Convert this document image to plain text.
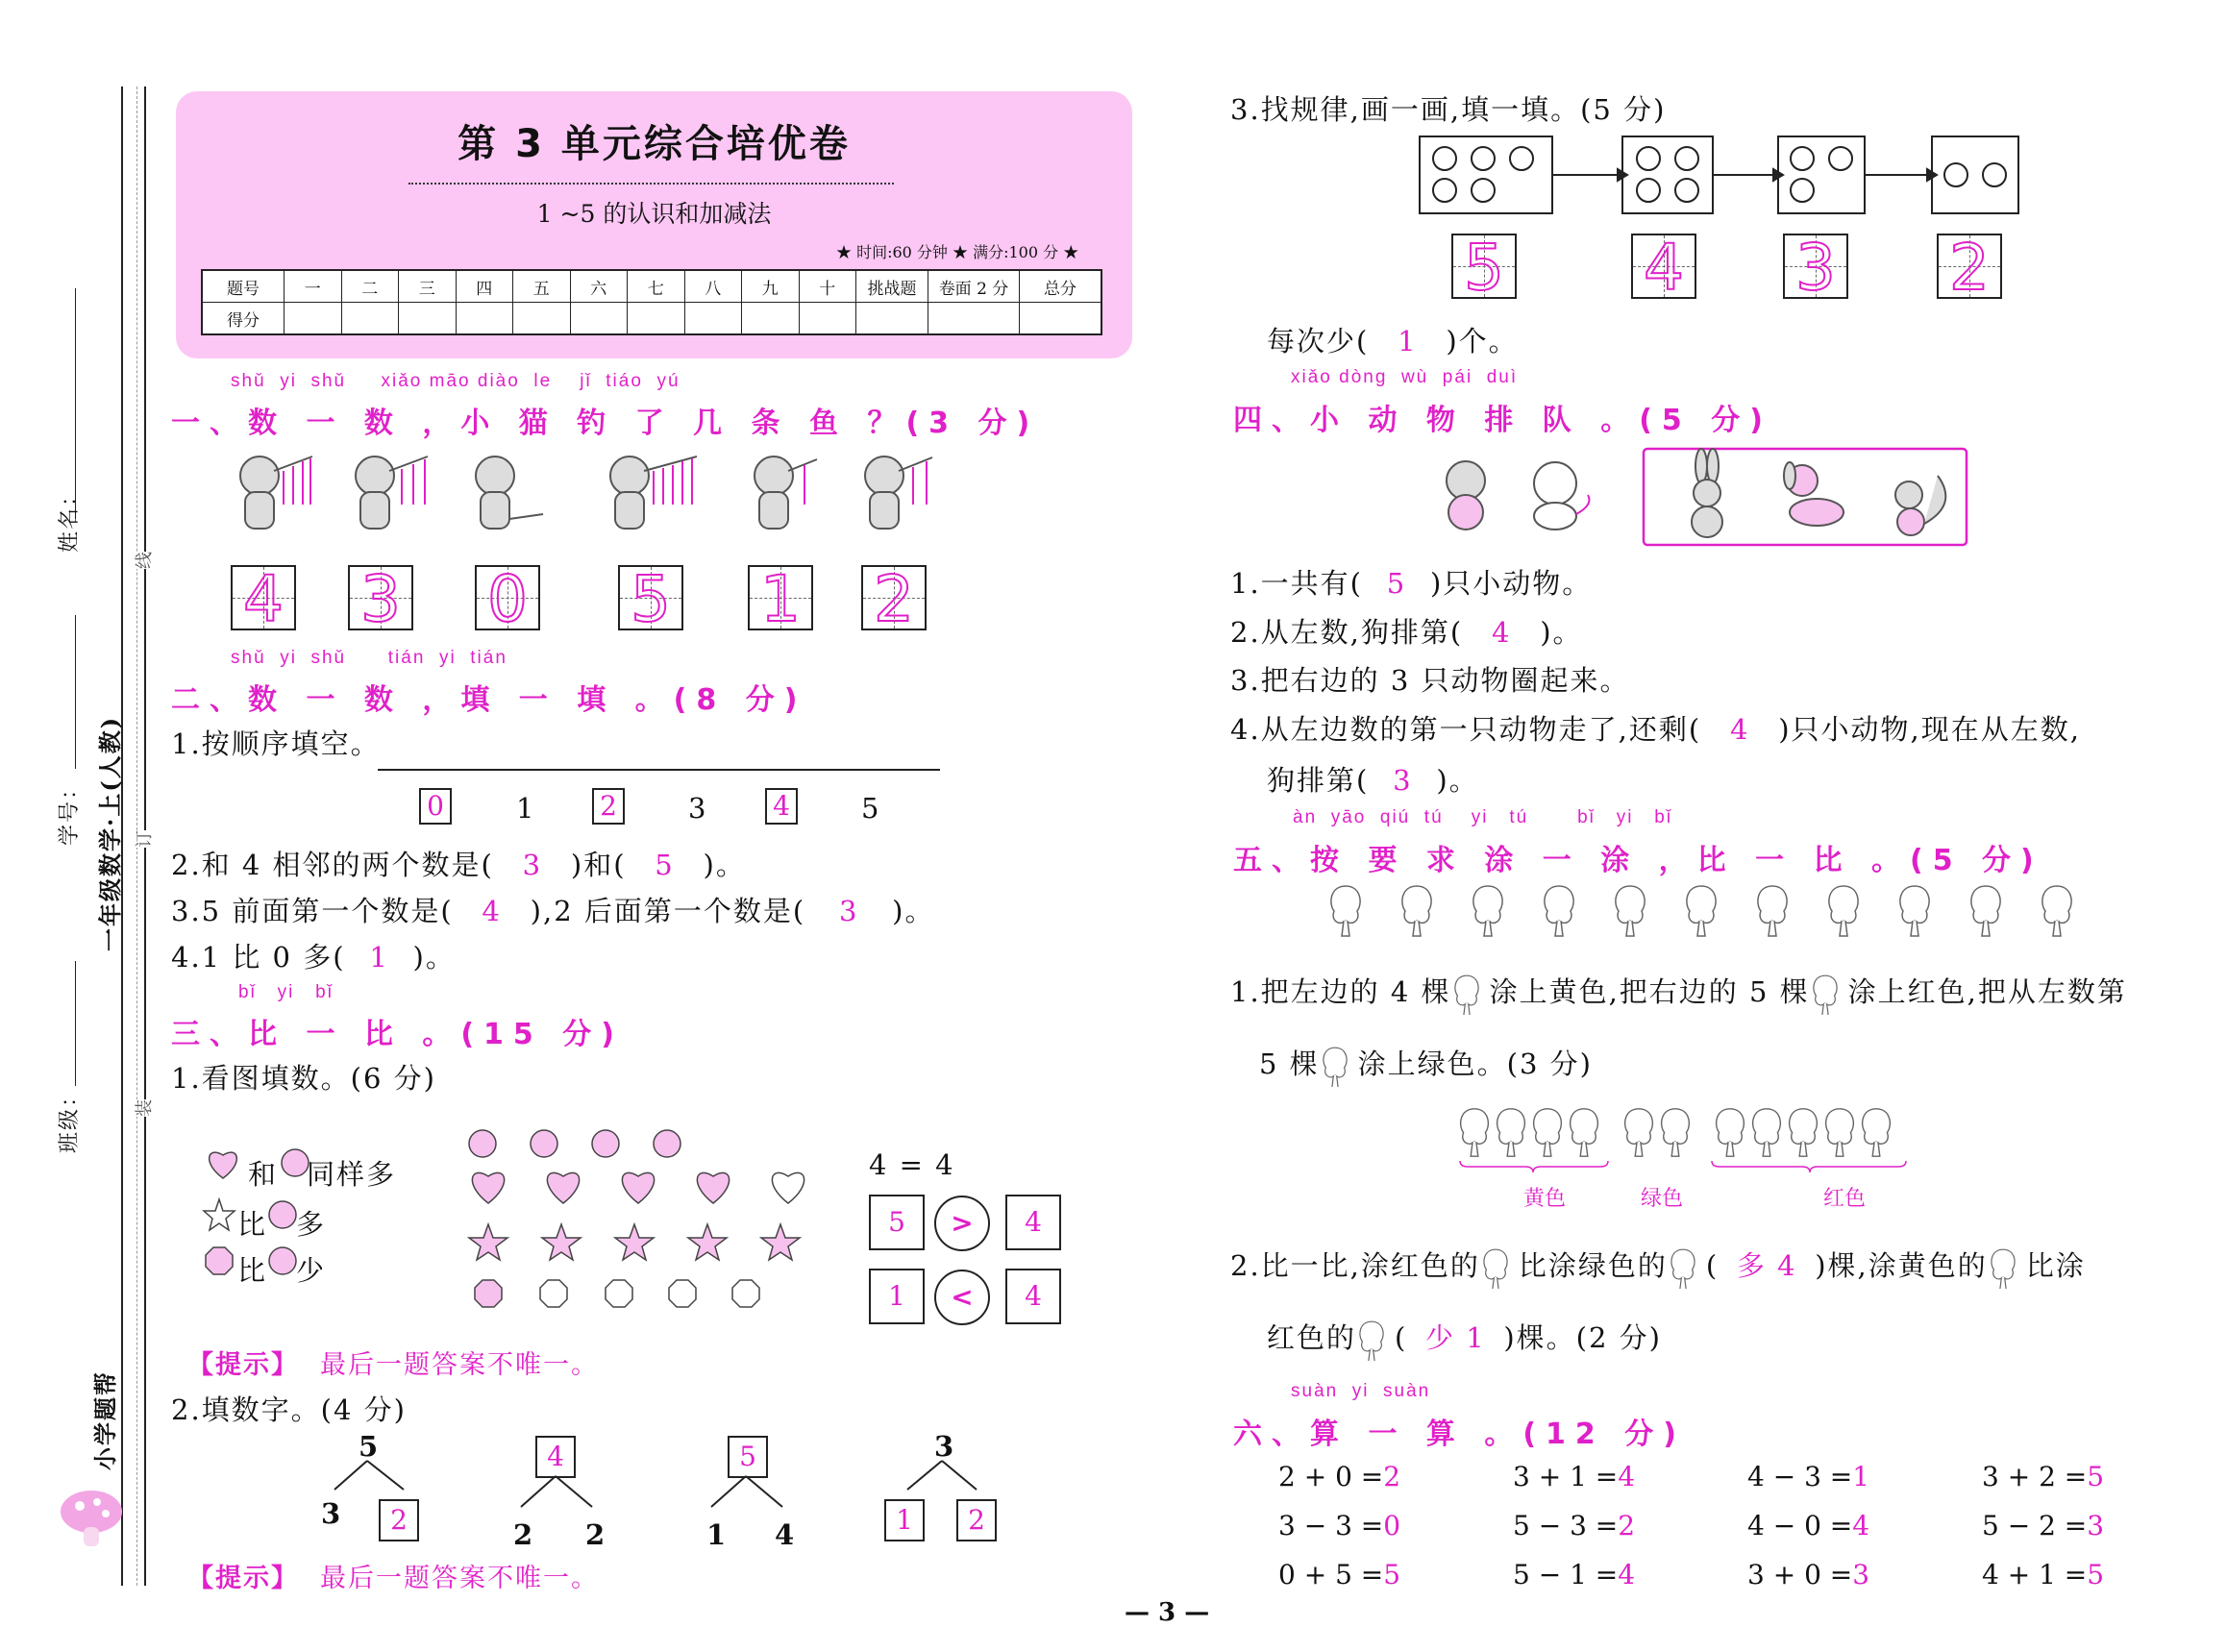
姓名：
学号： 一年级数学·上(人教)
班级：
线
订
装
小学题帮
第 3 单元综合培优卷
1 ~5 的认识和加减法
★ 时间:60 分钟 ★ 满分:100 分 ★
题号	一	二	三	四	五	六	七	八	九	十	挑战题	卷面 2 分	总分
得分													
shǔ  yi  shǔ     xiǎo māo diào  le    jǐ  tiáo  yú
一、数 一 数 ，小 猫 钓 了 几 条 鱼 ？(3 分)
4 3 0 5 1 2
shǔ  yi  shǔ      tián  yi  tián
二、数 一 数 ，填 一 填 。(8 分)
1.按顺序填空。
0	1 2	3 4	5
2.和 4 相邻的两个数是( 3 )和( 5 )。
3.5 前面第一个数是( 4 ),2 后面第一个数是( 3 )。
4.1 比 0 多( 1 )。
bǐ   yi   bǐ
三、比 一 比 。(15 分)
1.看图填数。(6 分)
和 同样多
比 多
比 少
4 = 4
5	>	4
1	<	4
【提示】 最后一题答案不唯一。
2.填数字。(4 分)
5
3	2
4
2 2
5
1 4
3
1	2
【提示】 最后一题答案不唯一。
3.找规律,画一画,填一填。(5 分)
5 4 3 2
每次少( 1 )个。
xiǎo dòng  wù  pái  duì
四、小 动 物 排 队 。(5 分)
1.一共有( 5 )只小动物。
2.从左数,狗排第( 4 )。
3.把右边的 3 只动物圈起来。
4.从左边数的第一只动物走了,还剩( 4 )只小动物,现在从左数,
狗排第( 3 )。
àn  yāo  qiú  tú    yi   tú       bǐ   yi   bǐ
五、按 要 求 涂 一 涂 ，比 一 比 。(5 分)
1.把左边的 4 棵 涂上黄色,把右边的 5 棵 涂上红色,把从左数第
5 棵 涂上绿色。(3 分)
黄色	绿色	红色
2.比一比,涂红色的 比涂绿色的 ( 多 4 )棵,涂黄色的 比涂
红色的 ( 少 1 )棵。(2 分)
suàn  yi  suàn
六、算 一 算 。(12 分)
2 + 0 =2	3 + 1 =4	4 − 3 =1	3 + 2 =5
3 − 3 =0	5 − 3 =2	4 − 0 =4	5 − 2 =3
0 + 5 =5	5 − 1 =4	3 + 0 =3	4 + 1 =5
— 3 —
